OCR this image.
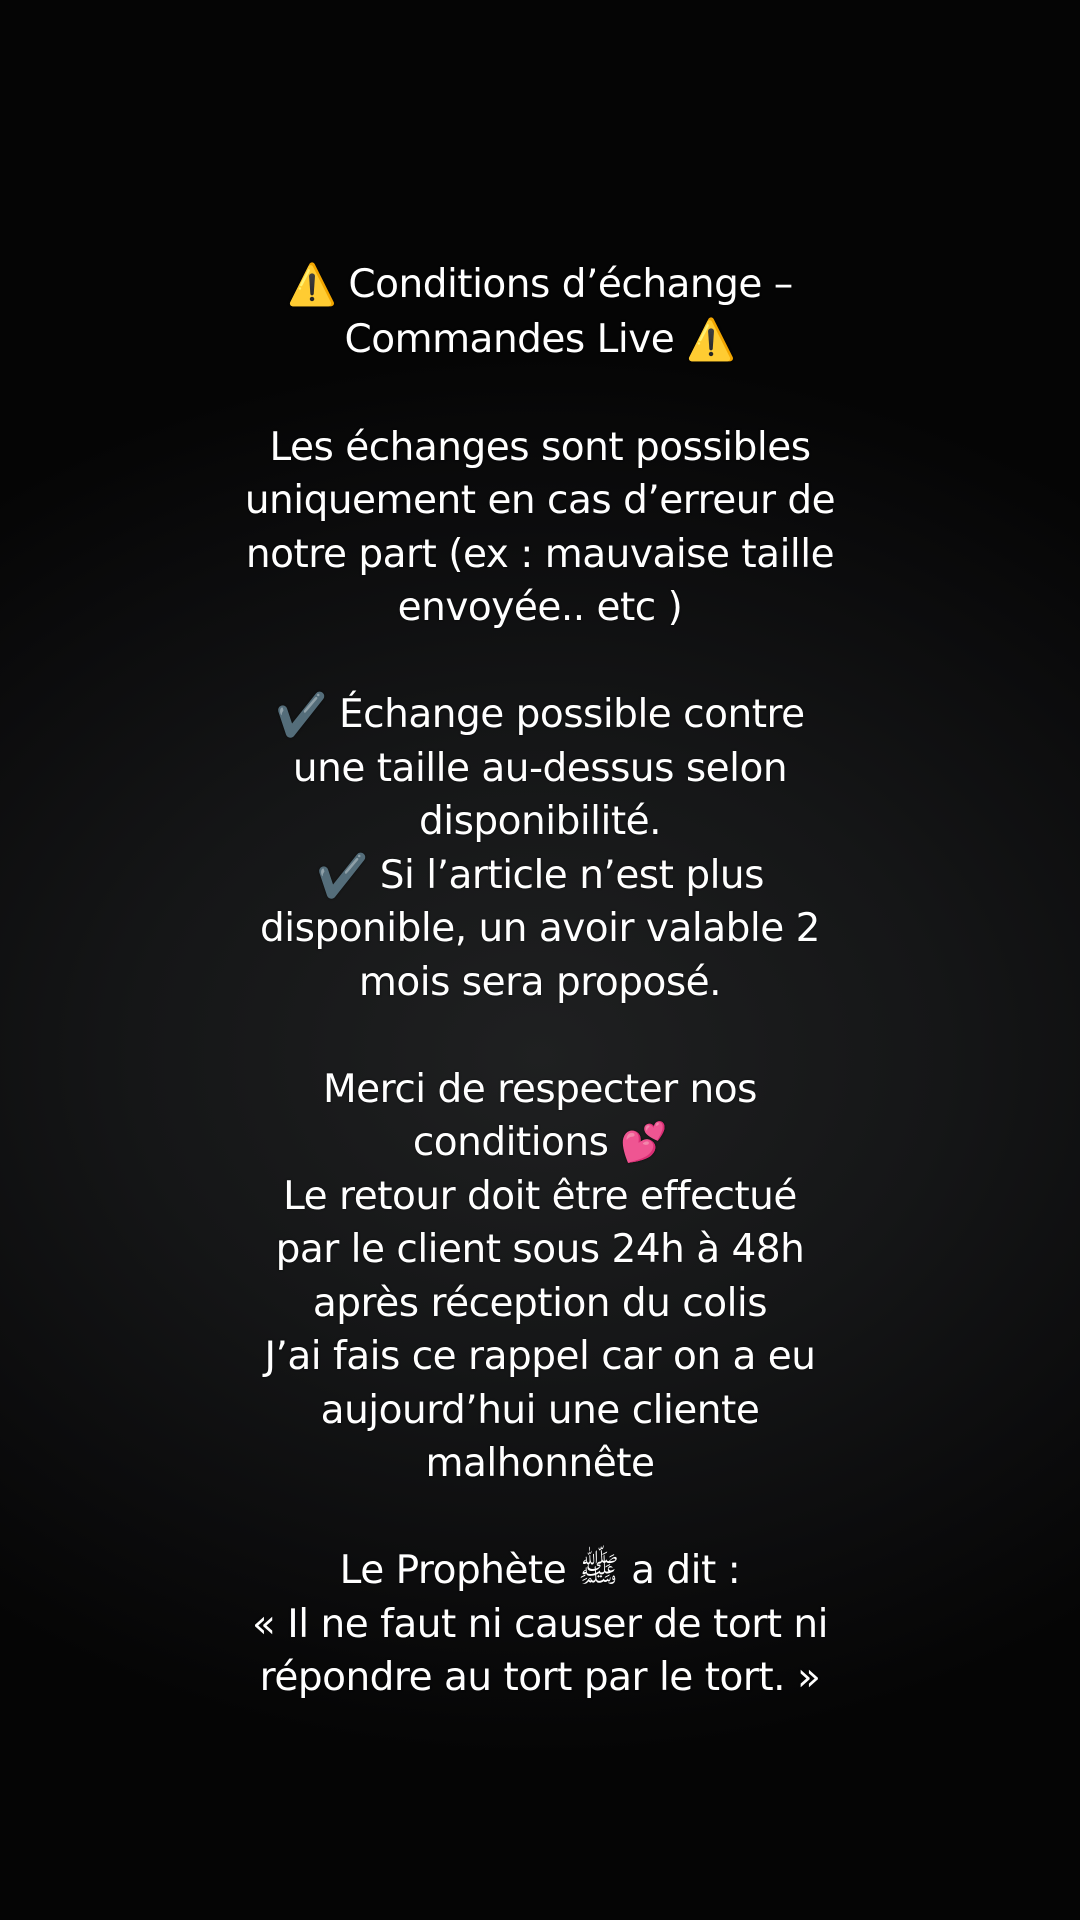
⚠️ Conditions d’échange –
Commandes Live ⚠️
Les échanges sont possibles
uniquement en cas d’erreur de
notre part (ex : mauvaise taille
envoyée.. etc )
✔️ Échange possible contre
une taille au-dessus selon
disponibilité.
✔️ Si l’article n’est plus
disponible, un avoir valable 2
mois sera proposé.
Merci de respecter nos
conditions 💕
Le retour doit être effectué
par le client sous 24h à 48h
après réception du colis
J’ai fais ce rappel car on a eu
aujourd’hui une cliente
malhonnête
Le Prophète ﷺ a dit :
« Il ne faut ni causer de tort ni
répondre au tort par le tort. »
